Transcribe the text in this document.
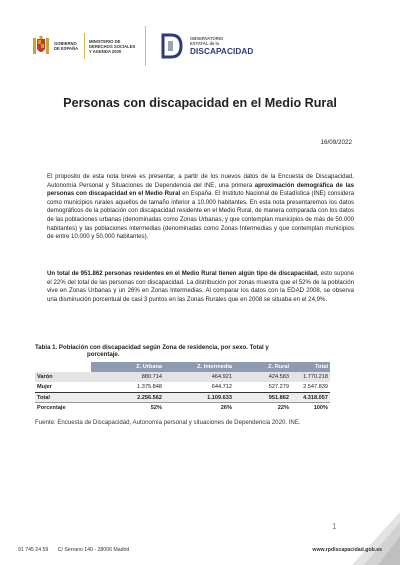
GOBIERNO
DE ESPAÑA
MINISTERIO DE DERECHOS SOCIALES Y AGENDA 2030
OBSERVATORIO
ESTATAL de la
DISCAPACIDAD
Personas con discapacidad en el Medio Rural
16/09/2022

El proposito de esta nota breve es presentar, a partir de los nuevos datos de la Encuesta de Discapacidad, Autonomía Personal y Situaciones de Dependencia del INE, una primera aproximación demográfica de las personas con discapacidad en el Medio Rural en España. El Instituto Nacional de Estadística (INE) considera como municipios rurales aquellos de tamaño inferior a 10.000 habitantes. En esta nota presentaremos los datos demográficos de la población con discapacidad residente en el Medio Rural, de manera comparada con los datos de las poblaciones urbanas (denominadas como Zonas Urbanas, y que contemplan municipios de más de 50.000 habitantes) y las poblaciones intermedias (denominadas como Zonas Intermedias y que contemplan municipios de entre 10.000 y 50.000 habitantes).

Un total de 951.862 personas residentes en el Medio Rural tienen algún tipo de discapacidad, esto supone el 22% del total de las personas con discapacidad. La distribución por zonas muestra que el 52% de la población vive en Zonas Urbanas y un 26% en Zonas Intermedias. Al comparar los datos con la EDAD 2008, se observa una disminución porcentual de casi 3 puntos en las Zonas Rurales que en 2008 se situaba en el 24,9%.

Tabla 1. Población con discapacidad según Zona de residencia, por sexo. Total y
porcentaje.
	Z. Urbana	Z. Intermedia	Z. Rural	Total
Varón	880.714	464.921	424.583	1.770.218
Mujer	1.375.848	644.712	527.279	2.547.839
Total	2.256.562	1.109.633	951.862	4.318.057
Porcentaje	52%	26%	22%	100%
Fuente: Encuesta de Discapacidad, Autonomía personal y situaciones de Dependencia 2020. INE.
1
91 745 24 59 C/ Serrano 140 - 28006 Madrid	www.rpdiscapacidad.gob.es
